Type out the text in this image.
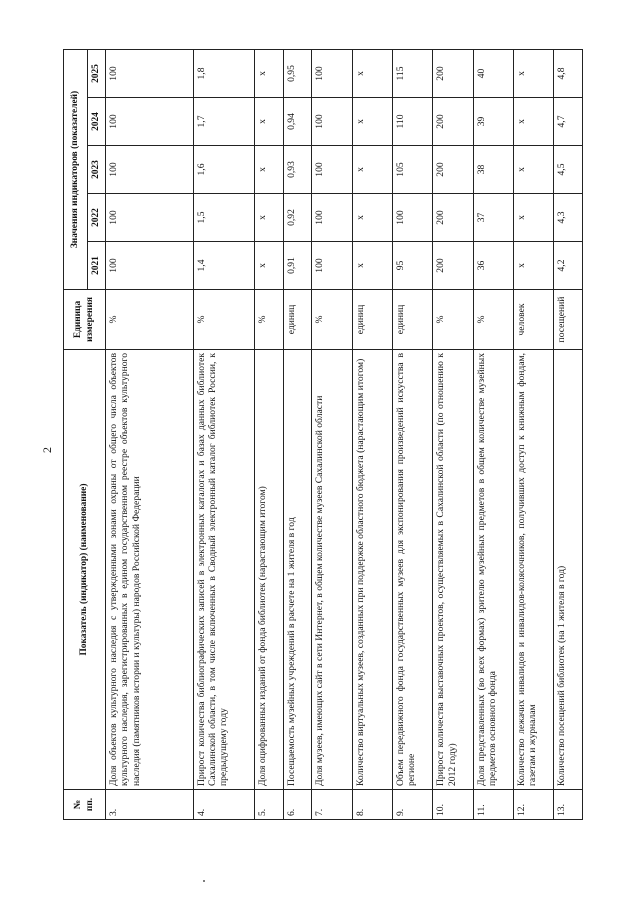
2
№ пп.	Показатель (индикатор) (наименование)	Единица измерения	Значения индикаторов (показателей)				
			2021	2022	2023	2024	2025
3.	Доля объектов культурного наследия с утвержденными зонами охраны от общего числа объектов культурного наследия, зарегистрированных в едином государственном реестре объектов культурного наследия (памятников истории и культуры) народов Российской Федерации	%	100	100	100	100	100
4.	Прирост количества библиографических записей в электронных каталогах и базах данных библиотек Сахалинской области, в том числе включенных в Сводный электронный каталог библиотек России, к предыдущему году	%	1,4	1,5	1,6	1,7	1,8
5.	Доля оцифрованных изданий от фонда библиотек (нарастающим итогом)	%	х	х	х	х	х
6.	Посещаемость музейных учреждений в расчете на 1 жителя в год	единиц	0,91	0,92	0,93	0,94	0,95
7.	Доля музеев, имеющих сайт в сети Интернет, в общем количестве музеев Сахалинской области	%	100	100	100	100	100
8.	Количество виртуальных музеев, созданных при поддержке областного бюджета (нарастающим итогом)	единиц	х	х	х	х	х
9.	Объем передвижного фонда государственных музеев для экспонирования произведений искусства в регионе	единиц	95	100	105	110	115
10.	Прирост количества выставочных проектов, осуществляемых в Сахалинской области (по отношению к 2012 году)	%	200	200	200	200	200
11.	Доля представленных (во всех формах) зрителю музейных предметов в общем количестве музейных предметов основного фонда	%	36	37	38	39	40
12.	Количество лежачих инвалидов и инвалидов-колясочников, получивших доступ к книжным фондам, газетам и журналам	человек	х	х	х	х	х
13.	Количество посещений библиотек (на 1 жителя в год)	посещений	4,2	4,3	4,5	4,7	4,8
